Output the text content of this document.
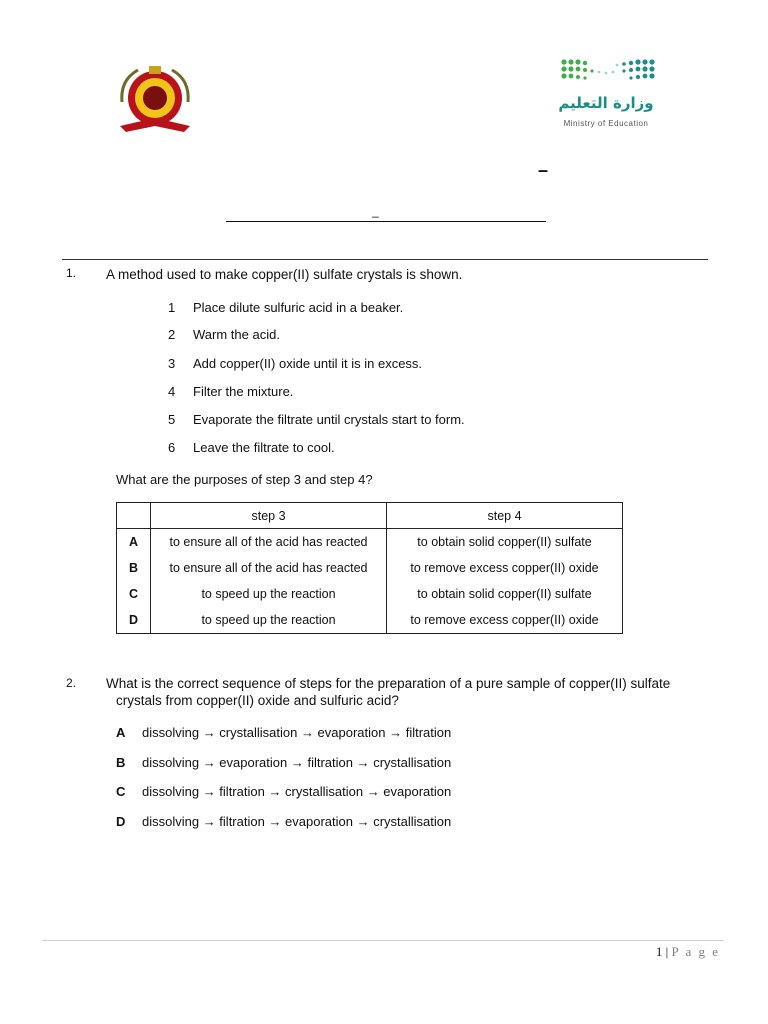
وزارة التعليم
Ministry of Education
–
_
1. A method used to make copper(II) sulfate crystals is shown.
1 Place dilute sulfuric acid in a beaker.
2 Warm the acid.
3 Add copper(II) oxide until it is in excess.
4 Filter the mixture.
5 Evaporate the filtrate until crystals start to form.
6 Leave the filtrate to cool.
What are the purposes of step 3 and step 4?
	step 3	step 4
A	to ensure all of the acid has reacted	to obtain solid copper(II) sulfate
B	to ensure all of the acid has reacted	to remove excess copper(II) oxide
C	to speed up the reaction	to obtain solid copper(II) sulfate
D	to speed up the reaction	to remove excess copper(II) oxide
2. What is the correct sequence of steps for the preparation of a pure sample of copper(II) sulfate
crystals from copper(II) oxide and sulfuric acid?
A dissolving → crystallisation → evaporation → filtration
B dissolving → evaporation → filtration → crystallisation
C dissolving → filtration → crystallisation → evaporation
D dissolving → filtration → evaporation → crystallisation
1 | P a g e
